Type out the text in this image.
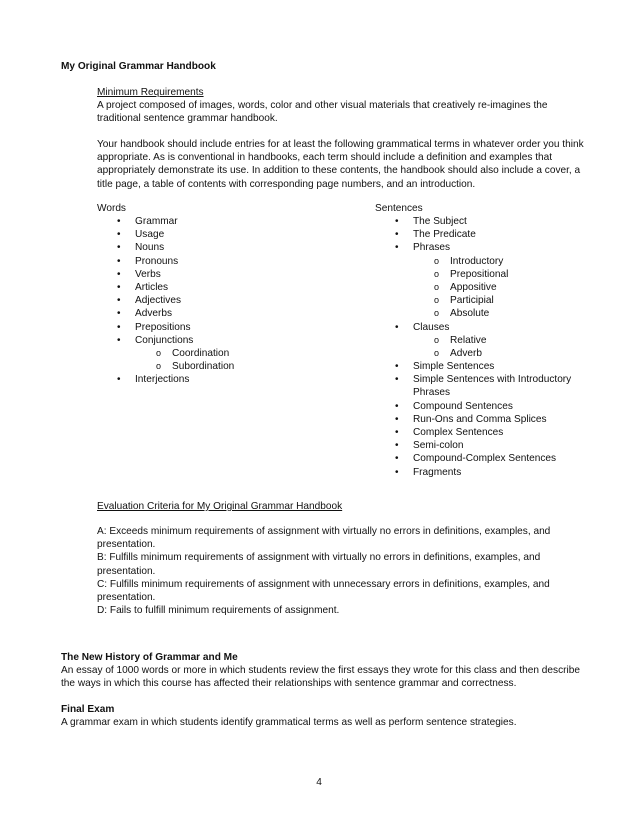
My Original Grammar Handbook
Minimum Requirements
A project composed of images, words, color and other visual materials that creatively re-imagines the traditional sentence grammar handbook.
Your handbook should include entries for at least the following grammatical terms in whatever order you think appropriate. As is conventional in handbooks, each term should include a definition and examples that appropriately demonstrate its use. In addition to these contents, the handbook should also include a cover, a title page, a table of contents with corresponding page numbers, and an introduction.
Words
• Grammar
• Usage
• Nouns
• Pronouns
• Verbs
• Articles
• Adjectives
• Adverbs
• Prepositions
• Conjunctions
o Coordination
o Subordination
• Interjections
Sentences
• The Subject
• The Predicate
• Phrases
o Introductory
o Prepositional
o Appositive
o Participial
o Absolute
• Clauses
o Relative
o Adverb
• Simple Sentences
• Simple Sentences with Introductory Phrases
• Compound Sentences
• Run-Ons and Comma Splices
• Complex Sentences
• Semi-colon
• Compound-Complex Sentences
• Fragments
Evaluation Criteria for My Original Grammar Handbook

A: Exceeds minimum requirements of assignment with virtually no errors in definitions, examples, and presentation.

B: Fulfills minimum requirements of assignment with virtually no errors in definitions, examples, and presentation.

C: Fulfills minimum requirements of assignment with unnecessary errors in definitions, examples, and presentation.

D: Fails to fulfill minimum requirements of assignment.

The New History of Grammar and Me
An essay of 1000 words or more in which students review the first essays they wrote for this class and then describe the ways in which this course has affected their relationships with sentence grammar and correctness.
Final Exam
A grammar exam in which students identify grammatical terms as well as perform sentence strategies.
4
